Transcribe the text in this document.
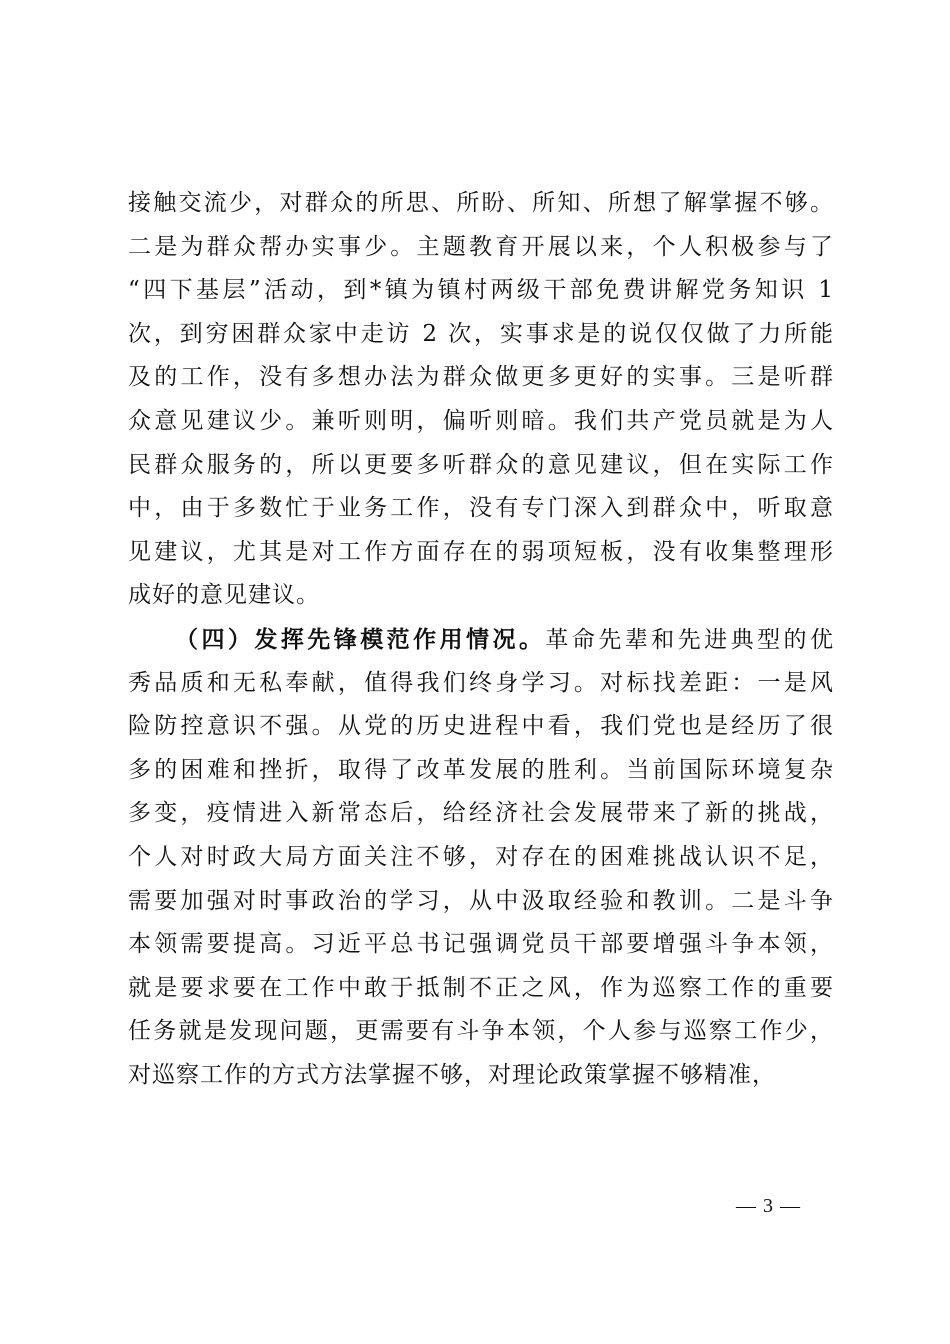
接触交流少，对群众的所思、所盼、所知、所想了解掌握不够。
二是为群众帮办实事少。主题教育开展以来，个人积极参与了
“四下基层”活动，到*镇为镇村两级干部免费讲解党务知识 1
次，到穷困群众家中走访 2 次，实事求是的说仅仅做了力所能
及的工作，没有多想办法为群众做更多更好的实事。三是听群
众意见建议少。兼听则明，偏听则暗。我们共产党员就是为人
民群众服务的，所以更要多听群众的意见建议，但在实际工作
中，由于多数忙于业务工作，没有专门深入到群众中，听取意
见建议，尤其是对工作方面存在的弱项短板，没有收集整理形
成好的意见建议。
（四）发挥先锋模范作用情况。革命先辈和先进典型的优
秀品质和无私奉献，值得我们终身学习。对标找差距：一是风
险防控意识不强。从党的历史进程中看，我们党也是经历了很
多的困难和挫折，取得了改革发展的胜利。当前国际环境复杂
多变，疫情进入新常态后，给经济社会发展带来了新的挑战，
个人对时政大局方面关注不够，对存在的困难挑战认识不足，
需要加强对时事政治的学习，从中汲取经验和教训。二是斗争
本领需要提高。习近平总书记强调党员干部要增强斗争本领，
就是要求要在工作中敢于抵制不正之风，作为巡察工作的重要
任务就是发现问题，更需要有斗争本领，个人参与巡察工作少，
对巡察工作的方式方法掌握不够，对理论政策掌握不够精准，
— 3 —
